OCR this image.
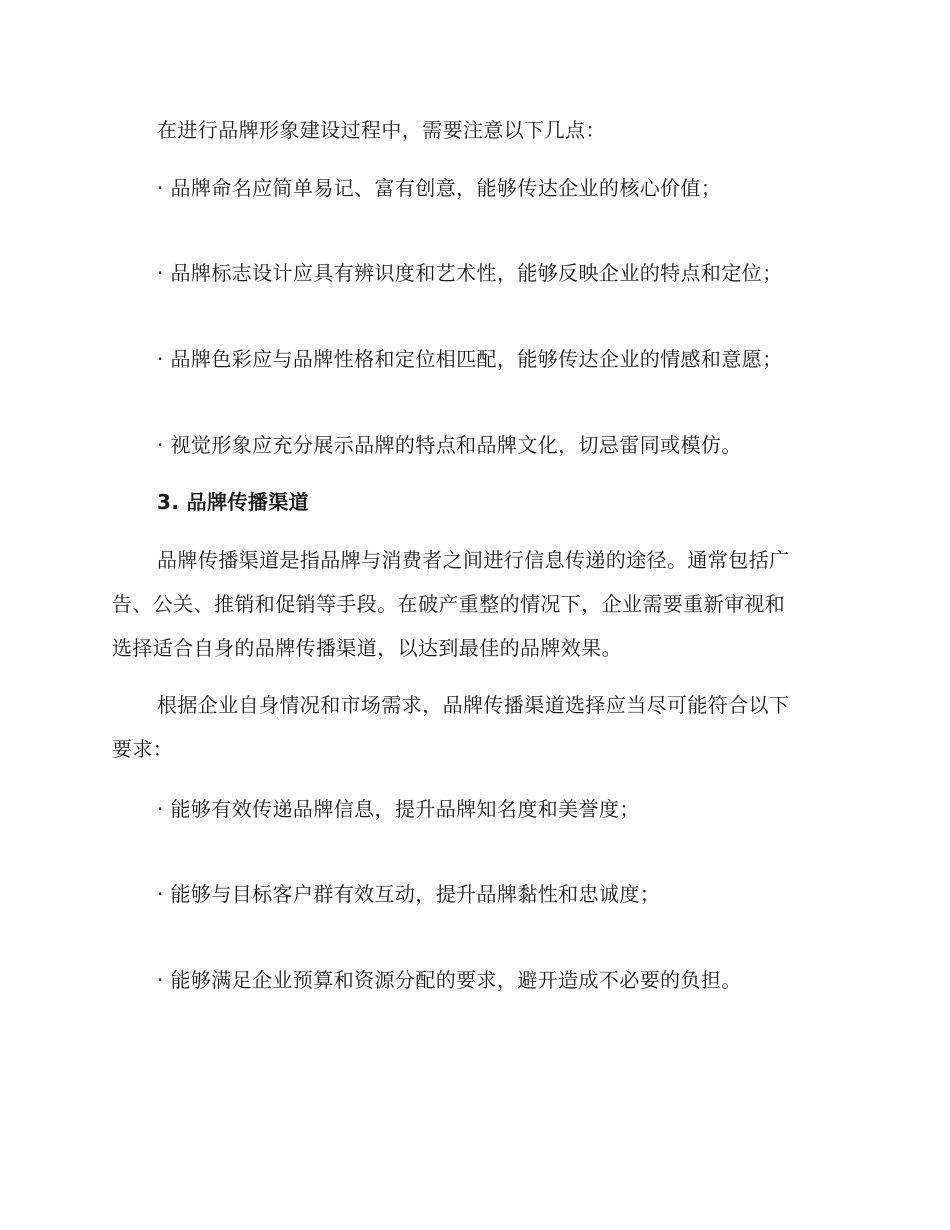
在进行品牌形象建设过程中，需要注意以下几点：
· 品牌命名应简单易记、富有创意，能够传达企业的核心价值；
· 品牌标志设计应具有辨识度和艺术性，能够反映企业的特点和定位；
· 品牌色彩应与品牌性格和定位相匹配，能够传达企业的情感和意愿；
· 视觉形象应充分展示品牌的特点和品牌文化，切忌雷同或模仿。
3. 品牌传播渠道
品牌传播渠道是指品牌与消费者之间进行信息传递的途径。通常包括广
告、公关、推销和促销等手段。在破产重整的情况下，企业需要重新审视和
选择适合自身的品牌传播渠道，以达到最佳的品牌效果。
根据企业自身情况和市场需求，品牌传播渠道选择应当尽可能符合以下
要求：
· 能够有效传递品牌信息，提升品牌知名度和美誉度；
· 能够与目标客户群有效互动，提升品牌黏性和忠诚度；
· 能够满足企业预算和资源分配的要求，避开造成不必要的负担。
